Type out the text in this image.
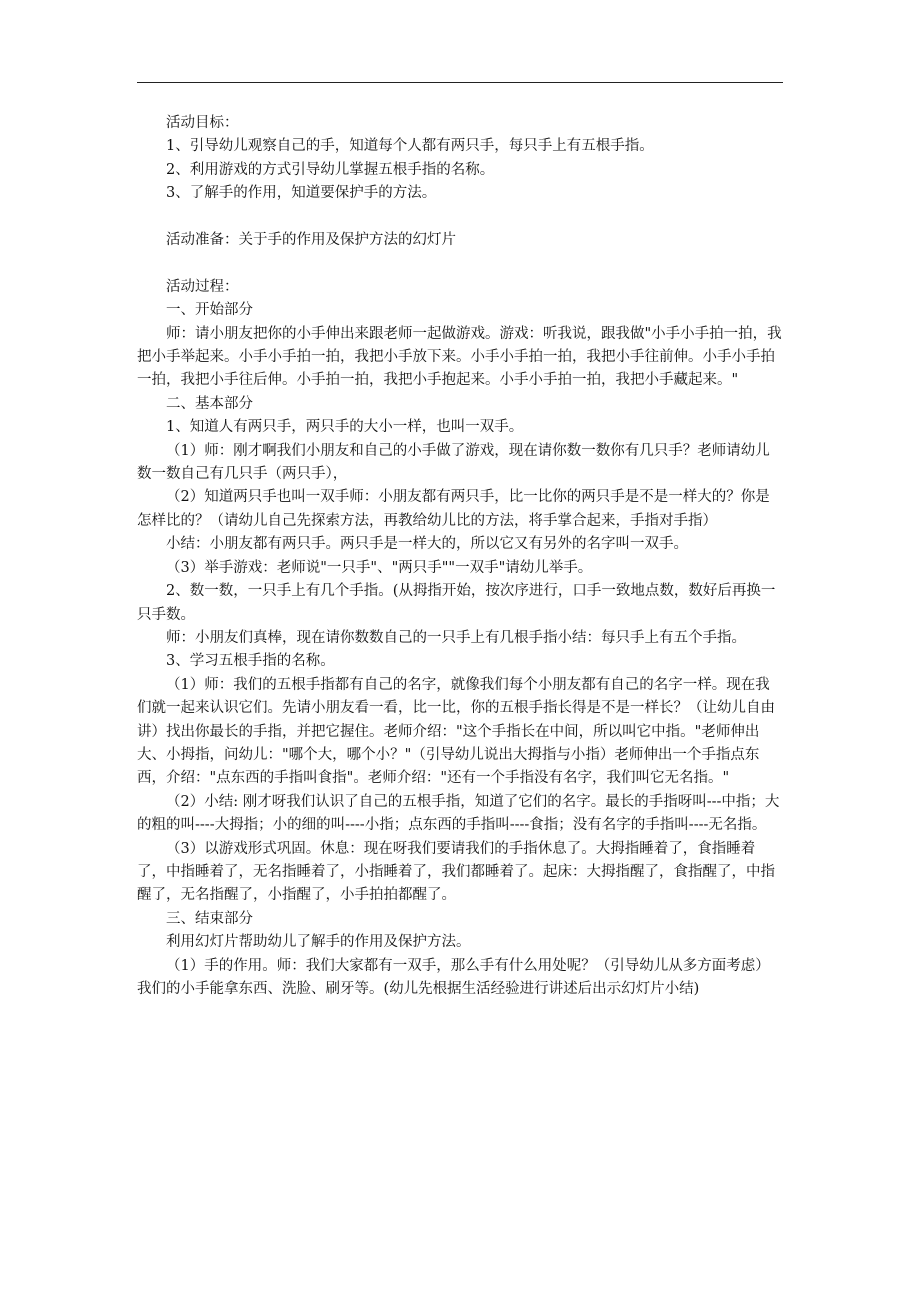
活动目标：

1、引导幼儿观察自己的手，知道每个人都有两只手，每只手上有五根手指。

2、利用游戏的方式引导幼儿掌握五根手指的名称。

3、了解手的作用，知道要保护手的方法。

活动准备：关于手的作用及保护方法的幻灯片

活动过程：

一、开始部分

师：请小朋友把你的小手伸出来跟老师一起做游戏。游戏：听我说，跟我做"小手小手拍一拍，我把小手举起来。小手小手拍一拍，我把小手放下来。小手小手拍一拍，我把小手往前伸。小手小手拍一拍，我把小手往后伸。小手拍一拍，我把小手抱起来。小手小手拍一拍，我把小手藏起来。"

二、基本部分

1、知道人有两只手，两只手的大小一样，也叫一双手。

（1）师：刚才啊我们小朋友和自己的小手做了游戏，现在请你数一数你有几只手？老师请幼儿数一数自己有几只手（两只手），

（2）知道两只手也叫一双手师：小朋友都有两只手，比一比你的两只手是不是一样大的？你是怎样比的？（请幼儿自己先探索方法，再教给幼儿比的方法，将手掌合起来，手指对手指）

小结：小朋友都有两只手。两只手是一样大的，所以它又有另外的名字叫一双手。

（3）举手游戏：老师说"一只手"、"两只手""一双手"请幼儿举手。

2、数一数，一只手上有几个手指。(从拇指开始，按次序进行，口手一致地点数，数好后再换一只手数。

师：小朋友们真棒，现在请你数数自己的一只手上有几根手指小结：每只手上有五个手指。

3、学习五根手指的名称。

（1）师：我们的五根手指都有自己的名字，就像我们每个小朋友都有自己的名字一样。现在我们就一起来认识它们。先请小朋友看一看，比一比，你的五根手指长得是不是一样长？（让幼儿自由讲）找出你最长的手指，并把它握住。老师介绍："这个手指长在中间，所以叫它中指。"老师伸出大、小拇指，问幼儿："哪个大，哪个小？"（引导幼儿说出大拇指与小指）老师伸出一个手指点东西，介绍："点东西的手指叫食指"。老师介绍："还有一个手指没有名字，我们叫它无名指。"

（2）小结: 刚才呀我们认识了自己的五根手指，知道了它们的名字。最长的手指呀叫---中指；大的粗的叫----大拇指；小的细的叫----小指；点东西的手指叫----食指；没有名字的手指叫----无名指。

（3）以游戏形式巩固。休息：现在呀我们要请我们的手指休息了。大拇指睡着了，食指睡着了，中指睡着了，无名指睡着了，小指睡着了，我们都睡着了。起床：大拇指醒了，食指醒了，中指醒了，无名指醒了，小指醒了，小手拍拍都醒了。

三、结束部分

利用幻灯片帮助幼儿了解手的作用及保护方法。

（1）手的作用。师：我们大家都有一双手，那么手有什么用处呢？（引导幼儿从多方面考虑）我们的小手能拿东西、洗脸、刷牙等。(幼儿先根据生活经验进行讲述后出示幻灯片小结)
